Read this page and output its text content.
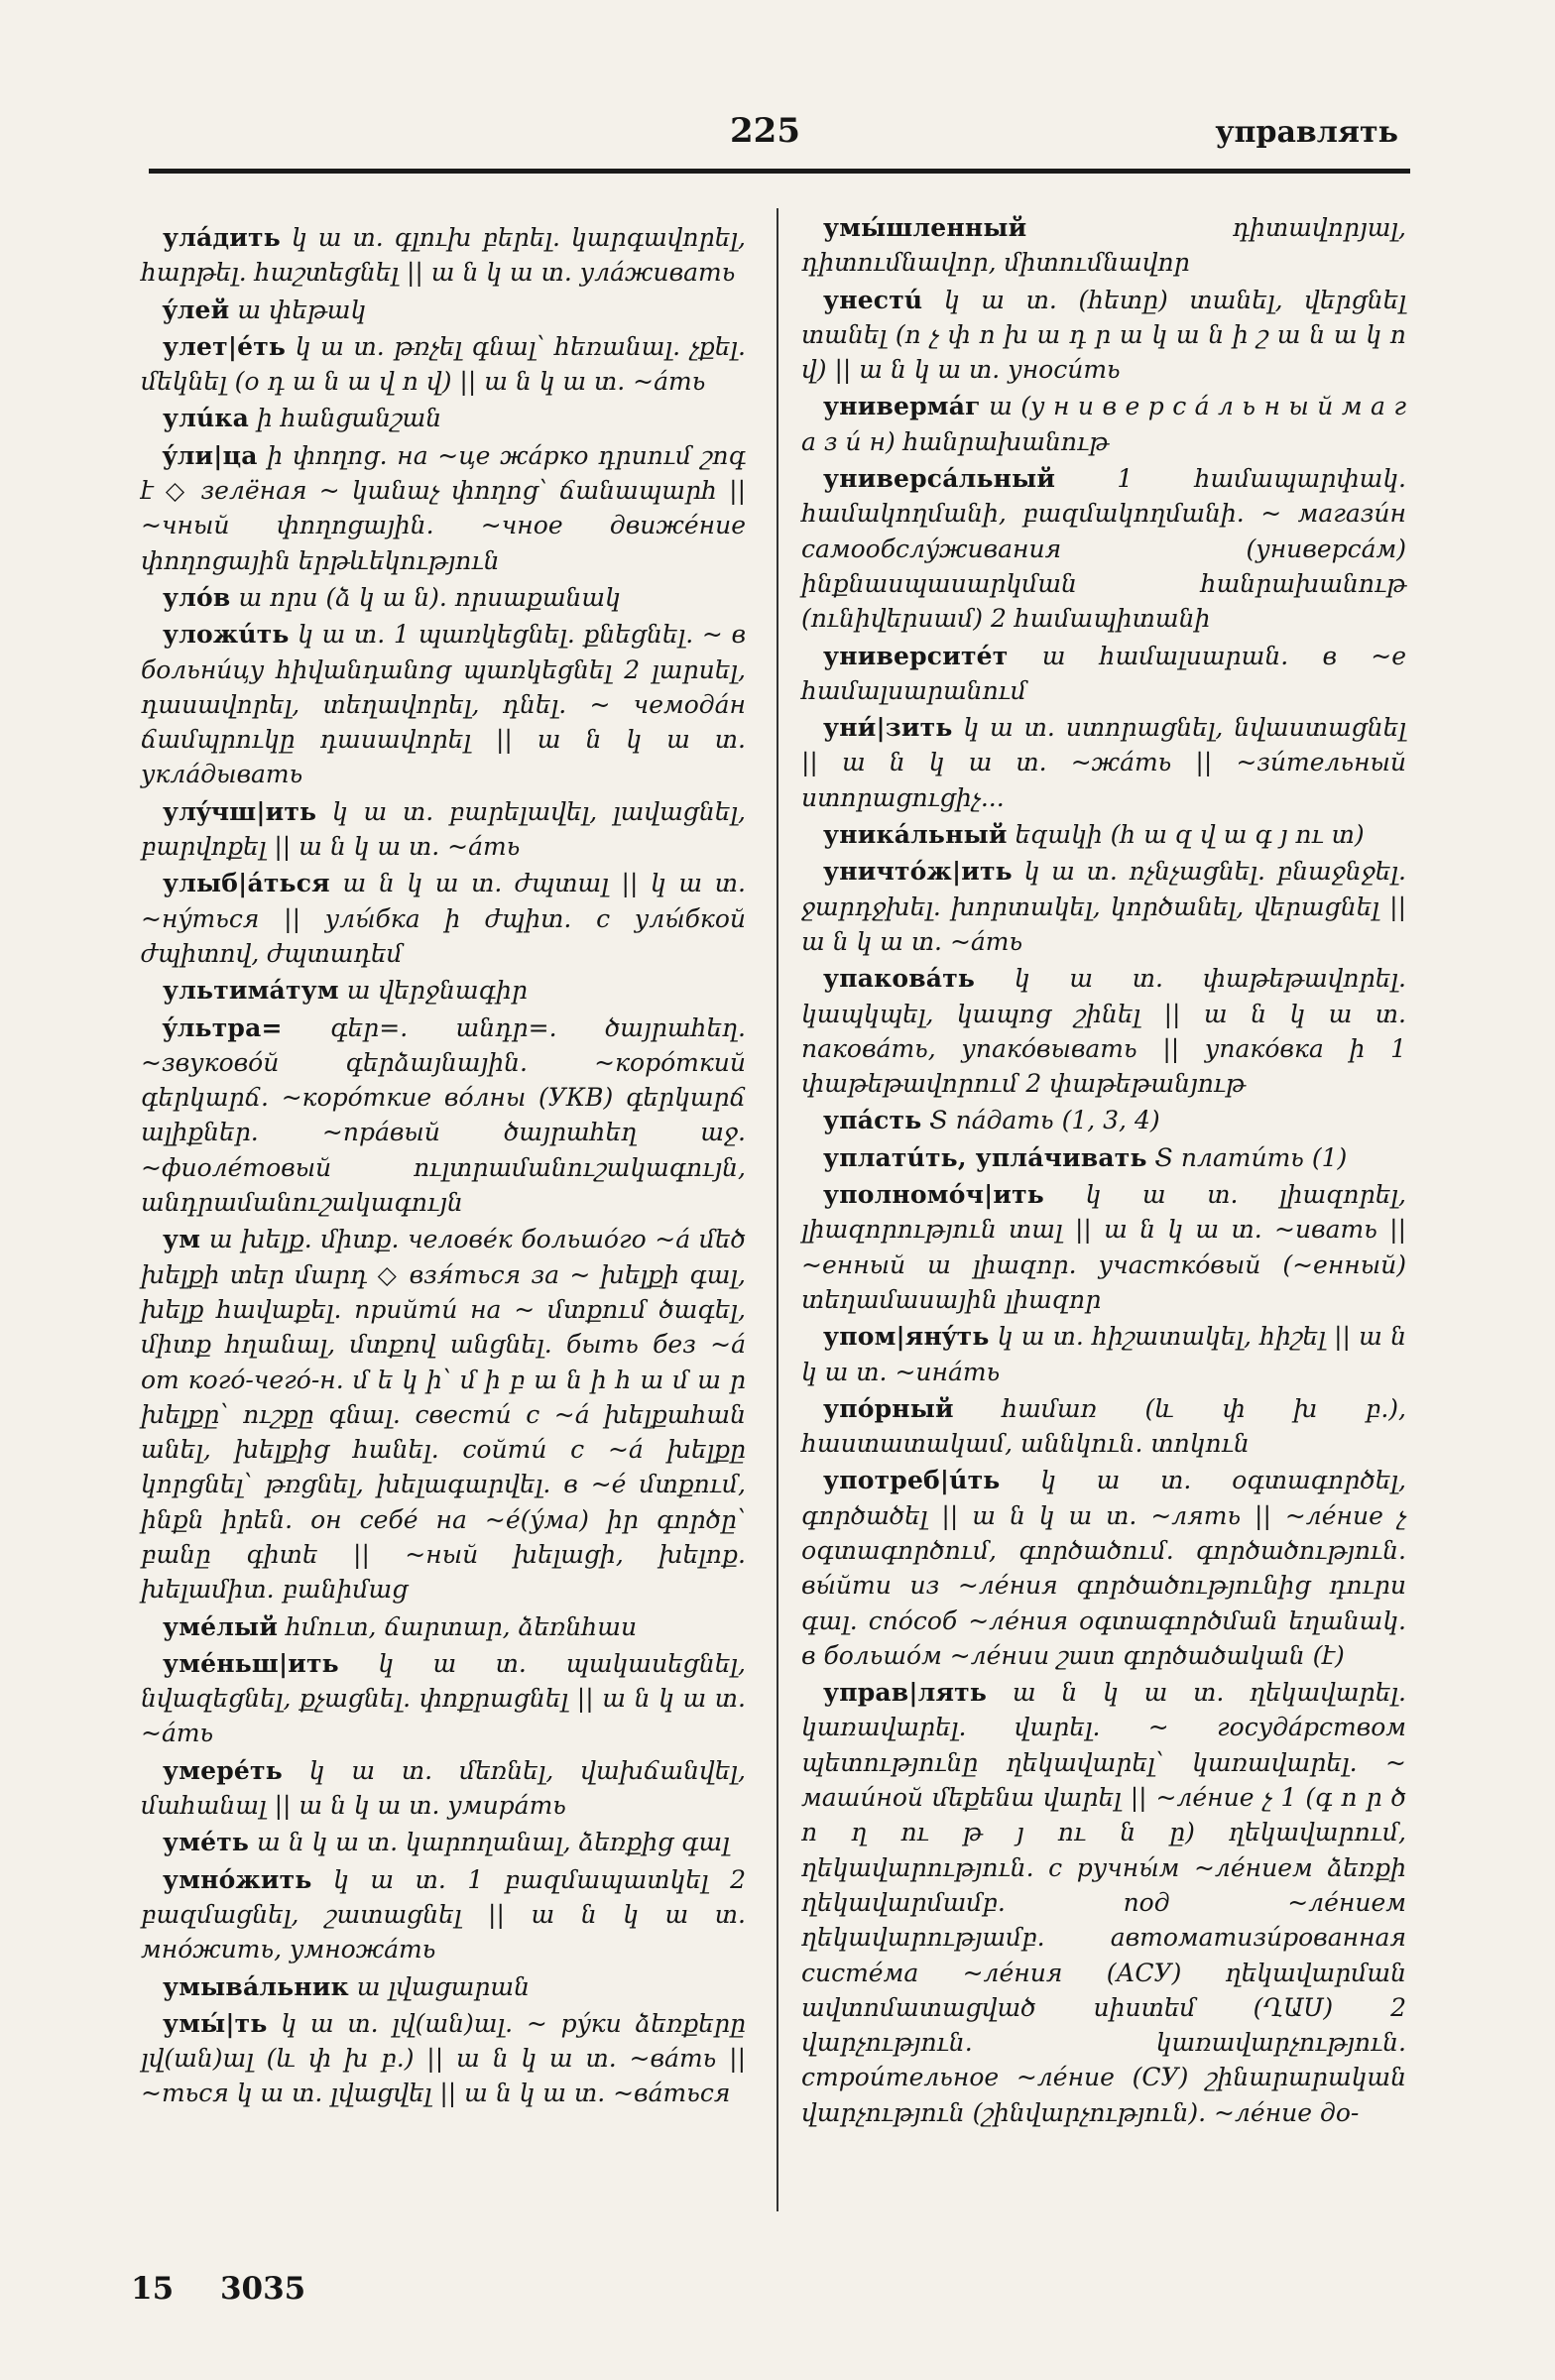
225	управлять
улáдить կ ա տ. գլուխ բերել. կարգավորել, հարթել. հաշտեցնել || ա ն կ ա տ. улáживать
ýлей ա փեթակ
улет|éть կ ա տ. թռչել գնալ՝ հեռանալ. չքել. մեկնել (օ դ ա ն ա վ ո վ) || ա ն կ ա տ. ~áть
улúка ի հանցանշան
ýли|ца ի փողոց. на ~це жáрко դրսում շոգ է ◇ зелёная ~ կանաչ փողոց՝ ճանապարհ || ~чный փողոցային. ~чное движéние փողոցային երթևեկություն
улóв ա որս (ձ կ ա ն). որսաքանակ
уложúть կ ա տ. 1 պառկեցնել. քնեցնել. ~ в больнúцу հիվանդանոց պառկեցնել 2 լարսել, դասավորել, տեղավորել, դնել. ~ чемодáн ճամպրուկը դասավորել || ա ն կ ա տ. уклáдывать
улýчш|ить կ ա տ. բարելավել, լավացնել, բարվոքել || ա ն կ ա տ. ~áть
улыб|áться ա ն կ ա տ. ժպտալ || կ ա տ. ~нýться || улы́бка ի ժպիտ. с улы́бкой ժպիտով, ժպտադեմ
ультимáтум ա վերջնագիր
ýльтра= գեր=. անդր=. ծայրահեղ. ~звуковóй գերձայնային. ~корóткий գերկարճ. ~корóткие вóлны (УКВ) գերկարճ ալիքներ. ~прáвый ծայրահեղ աջ. ~фиолéтовый ուլտրամանուշակագույն, անդրամանուշակագույն
ум ա խելք. միտք. человéк большóго ~á մեծ խելքի տեր մարդ ◇ взя́ться за ~ խելքի գալ, խելք հավաքել. прийтú на ~ մտքում ծագել, միտք հղանալ, մտքով անցնել. быть без ~á от когó-чегó-н. մ ե կ ի՝ մ ի բ ա ն ի հ ա մ ա ր խելքը՝ ուշքը գնալ. свестú с ~á խելքահան անել, խելքից հանել. сойтú с ~á խելքը կորցնել՝ թռցնել, խելագարվել. в ~é մտքում, ինքն իրեն. он себé на ~é(ýма) իր գործը՝ բանը գիտե || ~ный խելացի, խելոք. խելամիտ. բանիմաց
умéлый հմուտ, ճարտար, ձեռնհաս
умéньш|ить կ ա տ. պակասեցնել, նվազեցնել, քչացնել. փոքրացնել || ա ն կ ա տ. ~áть
умерéть կ ա տ. մեռնել, վախճանվել, մահանալ || ա ն կ ա տ. умирáть
умéть ա ն կ ա տ. կարողանալ, ձեռքից գալ
умнóжить կ ա տ. 1 բազմապատկել 2 բազմացնել, շատացնել || ա ն կ ա տ. мнóжить, умножáть
умывáльник ա լվացարան
умы́|ть կ ա տ. լվ(ան)ալ. ~ рýки ձեռքերը լվ(ան)ալ (և փ խ բ.) || ա ն կ ա տ. ~вáть || ~ться կ ա տ. լվացվել || ա ն կ ա տ. ~вáться
умы́шленный	դիտավորյալ, դիտումնավոր, միտումնավոր
унестú կ ա տ. (հետը) տանել, վերցնել տանել (ո չ փ ո խ ա դ ր ա կ ա ն ի շ ա ն ա կ ո վ) || ա ն կ ա տ. уносúть
универмáг ա (у н и в е р с á л ь н ы й м а г а з и́ н) հանրախանութ
универсáльный 1 համապարփակ. համակողմանի, բազմակողմանի. ~ магазúн самообслýживания (универсáм) ինքնասպասարկման հանրախանութ (ունիվերսամ) 2 համապիտանի
университéт ա համալսարան. в ~е համալսարանում
уни́|зить կ ա տ. ստորացնել, նվաստացնել || ա ն կ ա տ. ~жáть || ~зúтельный ստորացուցիչ...
уникáльный եզակի (հ ա զ վ ա գ յ ու տ)
уничтóж|ить կ ա տ. ոչնչացնել. բնաջնջել. ջարդջխել. խորտակել, կործանել, վերացնել || ա ն կ ա տ. ~áть
упаковáть կ ա տ. փաթեթավորել. կապկպել, կապոց շինել || ա ն կ ա տ. паковáть, упакóвывать || упакóвка ի 1 փաթեթավորում 2 փաթեթանյութ
упáсть Տ пáдать (1, 3, 4)
уплатúть, уплáчивать Տ платúть (1)
уполномóч|ить կ ա տ. լիազորել, լիազորություն տալ || ա ն կ ա տ. ~ивать || ~енный ա լիազոր. участкóвый (~енный) տեղամասային լիազոր
упом|янýть կ ա տ. հիշատակել, հիշել || ա ն կ ա տ. ~инáть
упóрный համառ (և փ խ բ.), հաստատակամ, աննկուն. տոկուն
употреб|úть կ ա տ. օգտագործել, գործածել || ա ն կ ա տ. ~лять || ~лéние չ օգտագործում, գործածում. գործածություն. вы́йти из ~лéния գործածությունից դուրս գալ. спóсоб ~лéния օգտագործման եղանակ. в большóм ~лéнии շատ գործածական (է)
управ|лять ա ն կ ա տ. ղեկավարել. կառավարել. վարել. ~ госудáрством պետությունը ղեկավարել՝ կառավարել. ~ машúной մեքենա վարել || ~лéние չ 1 (գ ո ր ծ ո ղ ու թ յ ու ն ը) ղեկավարում, ղեկավարություն. с ручны́м ~лéнием ձեռքի ղեկավարմամբ. под ~лéнием ղեկավարությամբ. автоматизúрованная систéма ~лéния (АСУ) ղեկավարման ավտոմատացված սիստեմ (ՂԱՍ) 2 վարչություն. կառավարչություն. строúтельное ~лéние (СУ) շինարարական վարչություն (շինվարչություն). ~лéние до-
15 3035
